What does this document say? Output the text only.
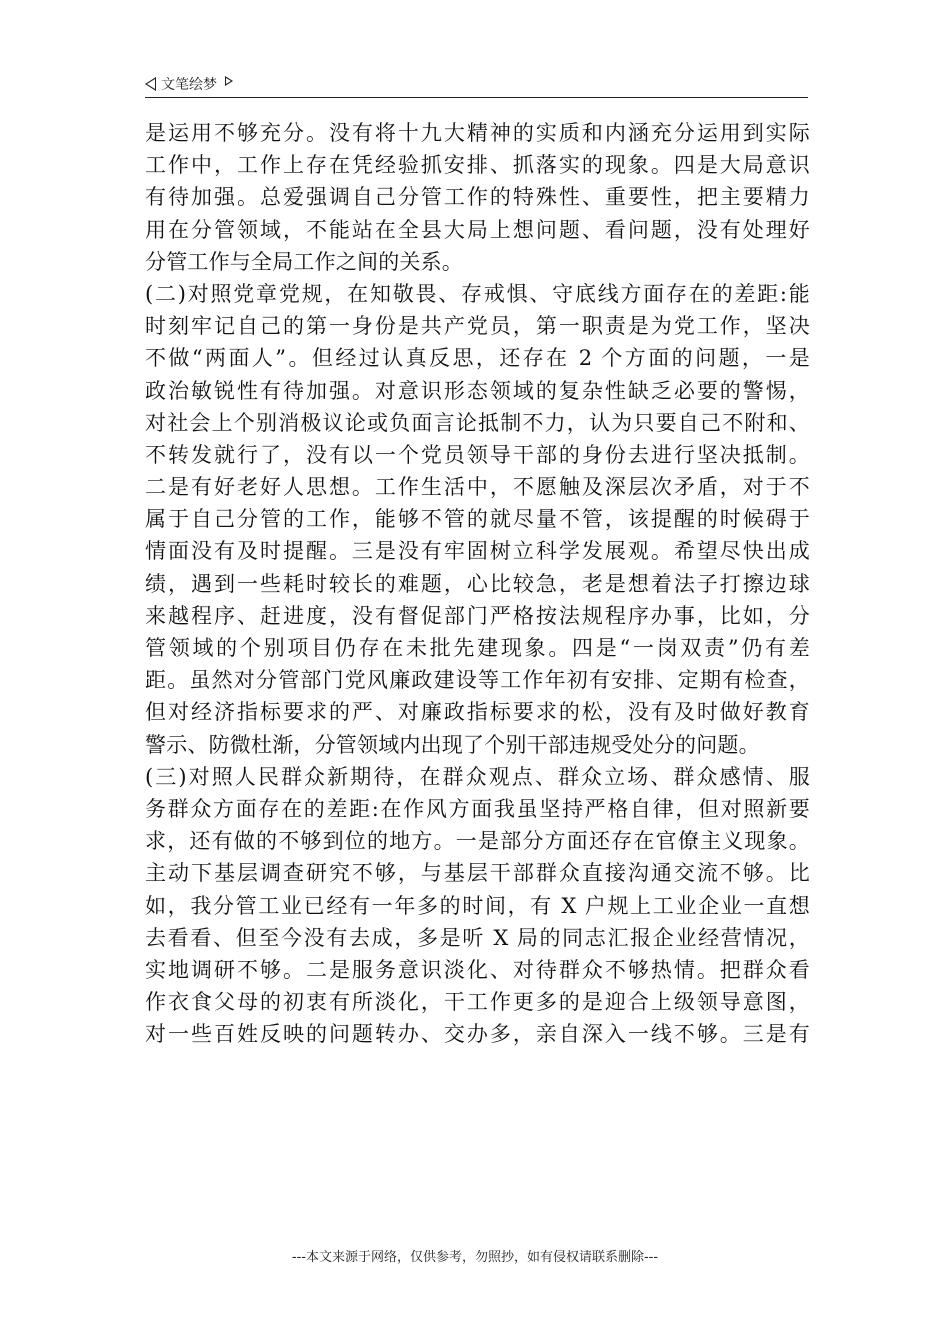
文笔绘梦
是运用不够充分。没有将十九大精神的实质和内涵充分运用到实际
工作中，工作上存在凭经验抓安排、抓落实的现象。四是大局意识
有待加强。总爱强调自己分管工作的特殊性、重要性，把主要精力
用在分管领域，不能站在全县大局上想问题、看问题，没有处理好
分管工作与全局工作之间的关系。
(二)对照党章党规，在知敬畏、存戒惧、守底线方面存在的差距:能
时刻牢记自己的第一身份是共产党员，第一职责是为党工作，坚决
不做“两面人”。但经过认真反思，还存在 2 个方面的问题，一是
政治敏锐性有待加强。对意识形态领域的复杂性缺乏必要的警惕，
对社会上个别消极议论或负面言论抵制不力，认为只要自己不附和、
不转发就行了，没有以一个党员领导干部的身份去进行坚决抵制。
二是有好老好人思想。工作生活中，不愿触及深层次矛盾，对于不
属于自己分管的工作，能够不管的就尽量不管，该提醒的时候碍于
情面没有及时提醒。三是没有牢固树立科学发展观。希望尽快出成
绩，遇到一些耗时较长的难题，心比较急，老是想着法子打擦边球
来越程序、赶进度，没有督促部门严格按法规程序办事，比如，分
管领域的个别项目仍存在未批先建现象。四是“一岗双责”仍有差
距。虽然对分管部门党风廉政建设等工作年初有安排、定期有检查，
但对经济指标要求的严、对廉政指标要求的松，没有及时做好教育
警示、防微杜渐，分管领域内出现了个别干部违规受处分的问题。
(三)对照人民群众新期待，在群众观点、群众立场、群众感情、服
务群众方面存在的差距:在作风方面我虽坚持严格自律，但对照新要
求，还有做的不够到位的地方。一是部分方面还存在官僚主义现象。
主动下基层调查研究不够，与基层干部群众直接沟通交流不够。比
如，我分管工业已经有一年多的时间，有 X 户规上工业企业一直想
去看看、但至今没有去成，多是听 X 局的同志汇报企业经营情况，
实地调研不够。二是服务意识淡化、对待群众不够热情。把群众看
作衣食父母的初衷有所淡化，干工作更多的是迎合上级领导意图，
对一些百姓反映的问题转办、交办多，亲自深入一线不够。三是有
---本文来源于网络，仅供参考，勿照抄，如有侵权请联系删除---
